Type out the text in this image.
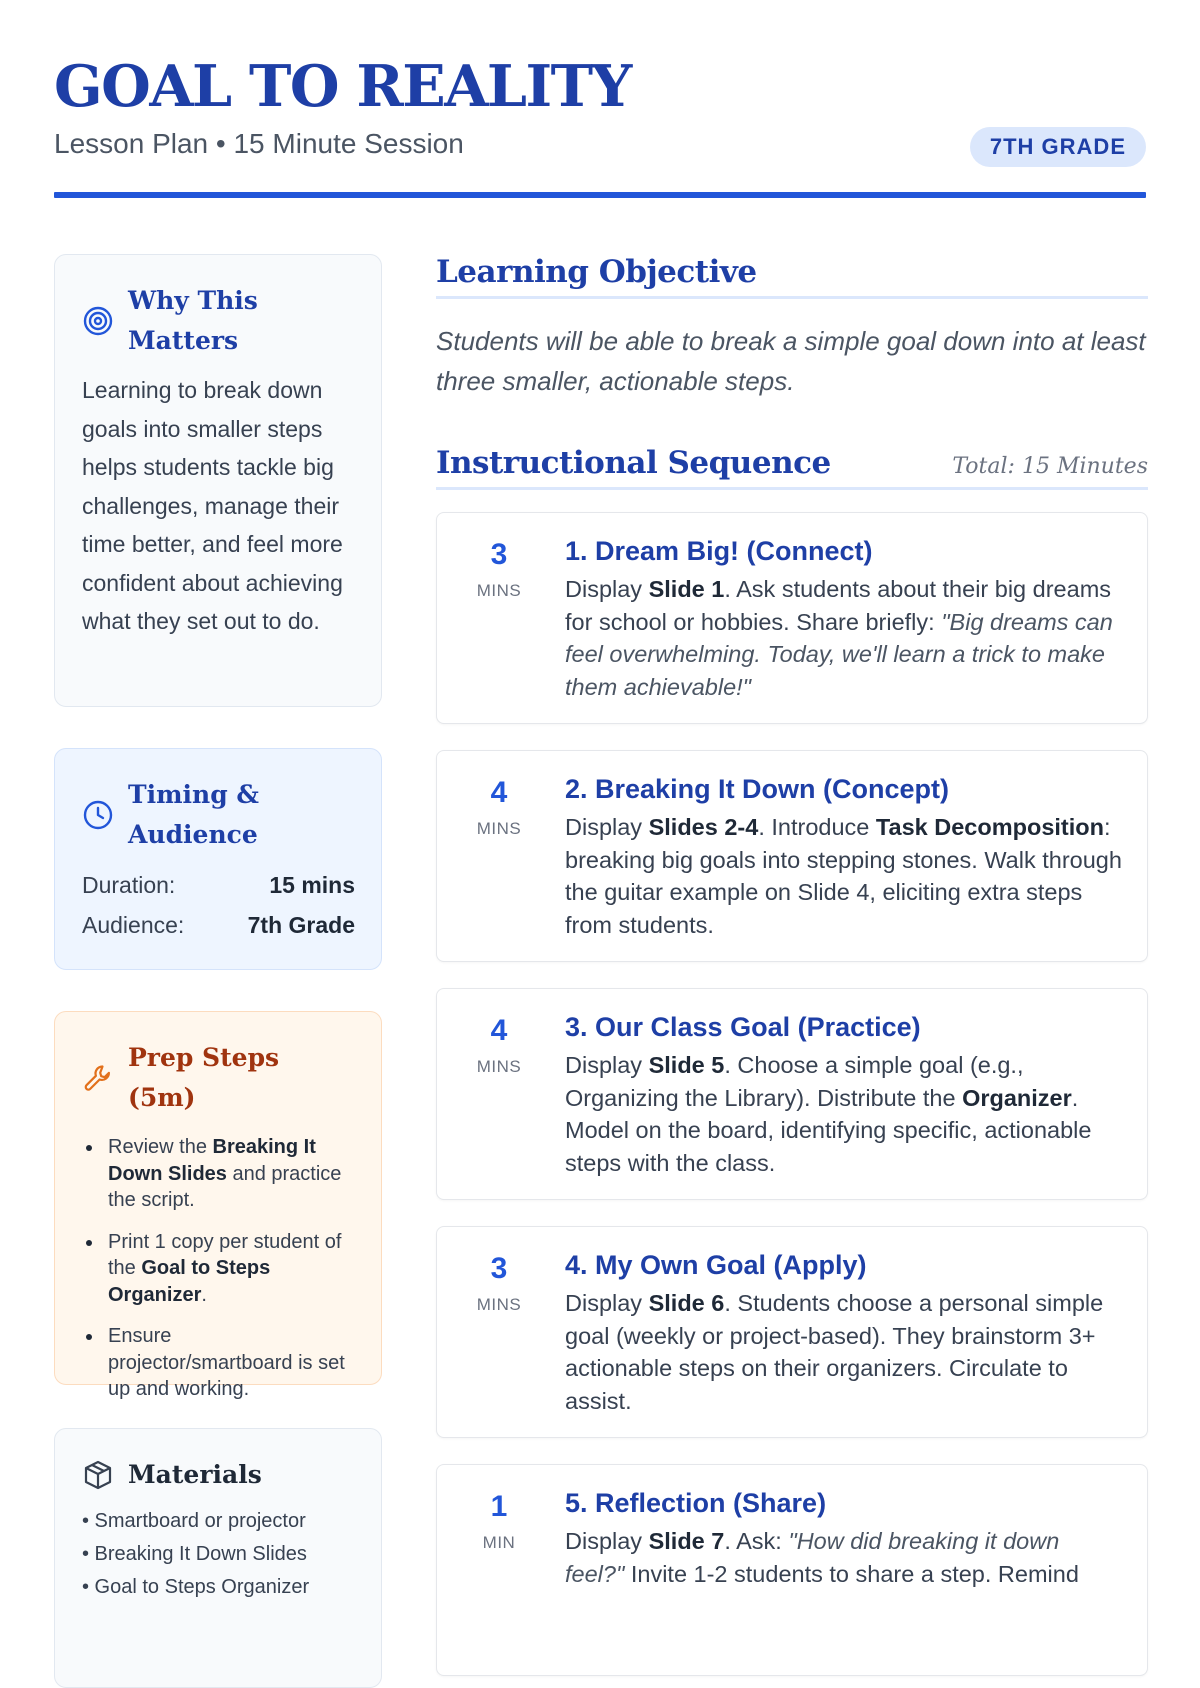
GOAL TO REALITY
Lesson Plan • 15 Minute Session	7TH GRADE
Why This Matters

Learning to break down goals into smaller steps helps students tackle big challenges, manage their time better, and feel more confident about achieving what they set out to do.

Timing & Audience
Duration:	15 mins
Audience:	7th Grade
Prep Steps (5m)
Review the Breaking It Down Slides and practice the script.
Print 1 copy per student of the Goal to Steps Organizer.
Ensure projector/smartboard is set up and working.
Materials
• Smartboard or projector
• Breaking It Down Slides
• Goal to Steps Organizer
Learning Objective

Students will be able to break a simple goal down into at least three smaller, actionable steps.

Instructional Sequence	Total: 15 Minutes
3
MINS
1. Dream Big! (Connect)
Display Slide 1. Ask students about their big dreams for school or hobbies. Share briefly: "Big dreams can feel overwhelming. Today, we'll learn a trick to make them achievable!"
4
MINS
2. Breaking It Down (Concept)
Display Slides 2-4. Introduce Task Decomposition: breaking big goals into stepping stones. Walk through the guitar example on Slide 4, eliciting extra steps from students.
4
MINS
3. Our Class Goal (Practice)
Display Slide 5. Choose a simple goal (e.g., Organizing the Library). Distribute the Organizer. Model on the board, identifying specific, actionable steps with the class.
3
MINS
4. My Own Goal (Apply)
Display Slide 6. Students choose a personal simple goal (weekly or project-based). They brainstorm 3+ actionable steps on their organizers. Circulate to assist.
1
MIN
5. Reflection (Share)
Display Slide 7. Ask: "How did breaking it down feel?" Invite 1-2 students to share a step. Remind
